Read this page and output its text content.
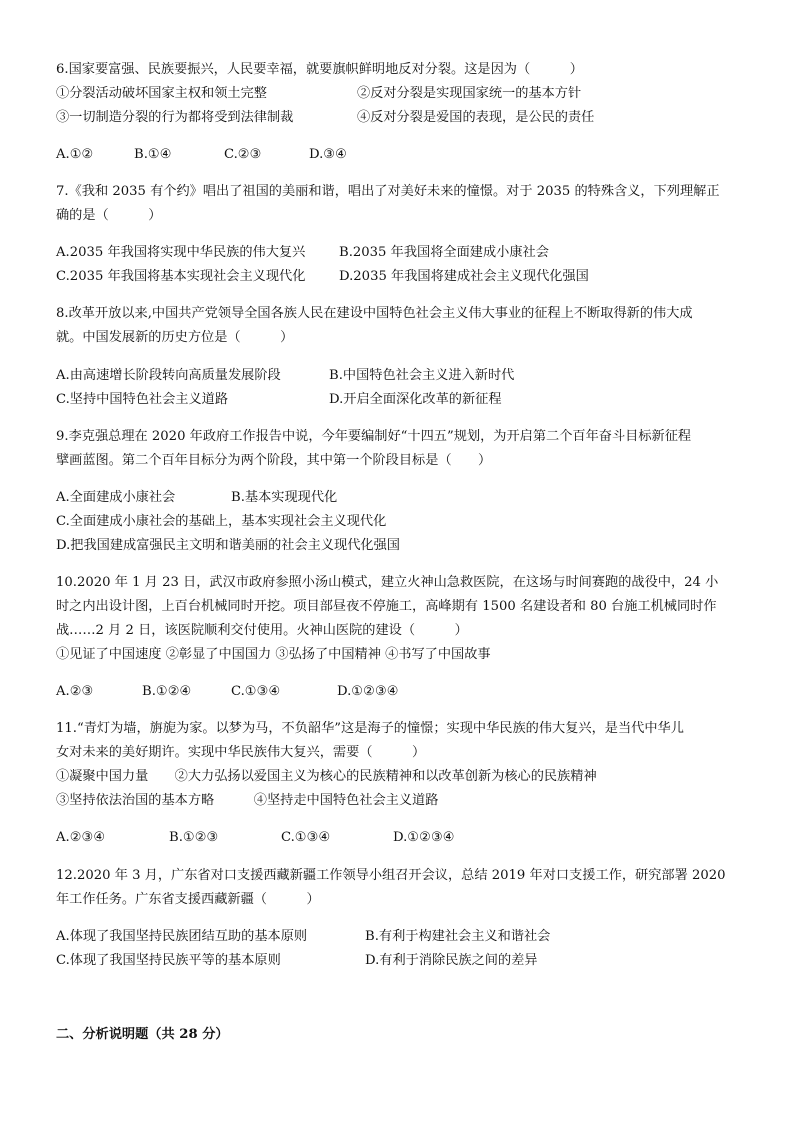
6.国家要富强、民族要振兴，人民要幸福，就要旗帜鲜明地反对分裂。这是因为（　　　）
①分裂活动破坏国家主权和领土完整	②反对分裂是实现国家统一的基本方针
③一切制造分裂的行为都将受到法律制裁	④反对分裂是爱国的表现，是公民的责任
A.①②	B.①④	C.②③	D.③④
7.《我和 2035 有个约》唱出了祖国的美丽和谐，唱出了对美好未来的憧憬。对于 2035 的特殊含义，下列理解正
确的是（　　　）
A.2035 年我国将实现中华民族的伟大复兴	B.2035 年我国将全面建成小康社会
C.2035 年我国将基本实现社会主义现代化	D.2035 年我国将建成社会主义现代化强国
8.改革开放以来,中国共产党领导全国各族人民在建设中国特色社会主义伟大事业的征程上不断取得新的伟大成
就。中国发展新的历史方位是（　　　）
A.由高速增长阶段转向高质量发展阶段	B.中国特色社会主义进入新时代
C.坚持中国特色社会主义道路	D.开启全面深化改革的新征程
9.李克强总理在 2020 年政府工作报告中说，今年要编制好“十四五”规划，为开启第二个百年奋斗目标新征程
擘画蓝图。第二个百年目标分为两个阶段，其中第一个阶段目标是（　　）
A.全面建成小康社会	B.基本实现现代化
C.全面建成小康社会的基础上，基本实现社会主义现代化
D.把我国建成富强民主文明和谐美丽的社会主义现代化强国
10.2020 年 1 月 23 日，武汉市政府参照小汤山模式，建立火神山急救医院，在这场与时间赛跑的战役中，24 小
时之内出设计图，上百台机械同时开挖。项目部昼夜不停施工，高峰期有 1500 名建设者和 80 台施工机械同时作
战……2 月 2 日，该医院顺利交付使用。火神山医院的建设（　　　）
①见证了中国速度 ②彰显了中国国力 ③弘扬了中国精神 ④书写了中国故事
A.②③	B.①②④	C.①③④	D.①②③④
11.“青灯为墙，旃旎为家。以梦为马，不负韶华”这是海子的憧憬；实现中华民族的伟大复兴，是当代中华儿
女对未来的美好期许。实现中华民族伟大复兴，需要（　　　）
①凝聚中国力量　　②大力弘扬以爱国主义为核心的民族精神和以改革创新为核心的民族精神
③坚持依法治国的基本方略　　　④坚持走中国特色社会主义道路
A.②③④	B.①②③	C.①③④	D.①②③④
12.2020 年 3 月，广东省对口支援西藏新疆工作领导小组召开会议，总结 2019 年对口支援工作，研究部署 2020
年工作任务。广东省支援西藏新疆（　　　）
A.体现了我国坚持民族团结互助的基本原则	B.有利于构建社会主义和谐社会
C.体现了我国坚持民族平等的基本原则	D.有利于消除民族之间的差异
二、分析说明题（共 28 分）
